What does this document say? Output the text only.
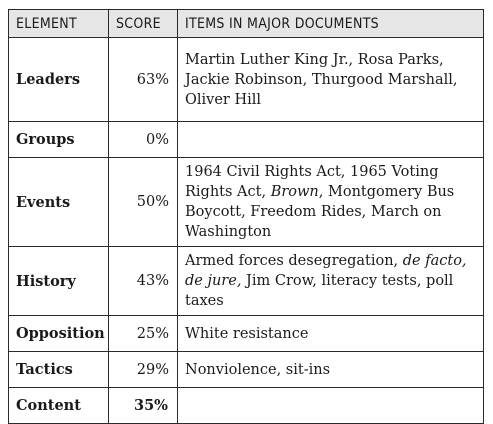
ELEMENT	SCORE	ITEMS IN MAJOR DOCUMENTS
Leaders	63%	Martin Luther King Jr., Rosa Parks, Jackie Robinson, Thurgood Marshall, Oliver Hill
Groups	0%	
Events	50%	1964 Civil Rights Act, 1965 Voting Rights Act, Brown, Montgomery Bus Boycott, Freedom Rides, March on Washington
History	43%	Armed forces desegregation, de facto, de jure, Jim Crow, literacy tests, poll taxes
Opposition	25%	White resistance
Tactics	29%	Nonviolence, sit-ins
Content	35%	
